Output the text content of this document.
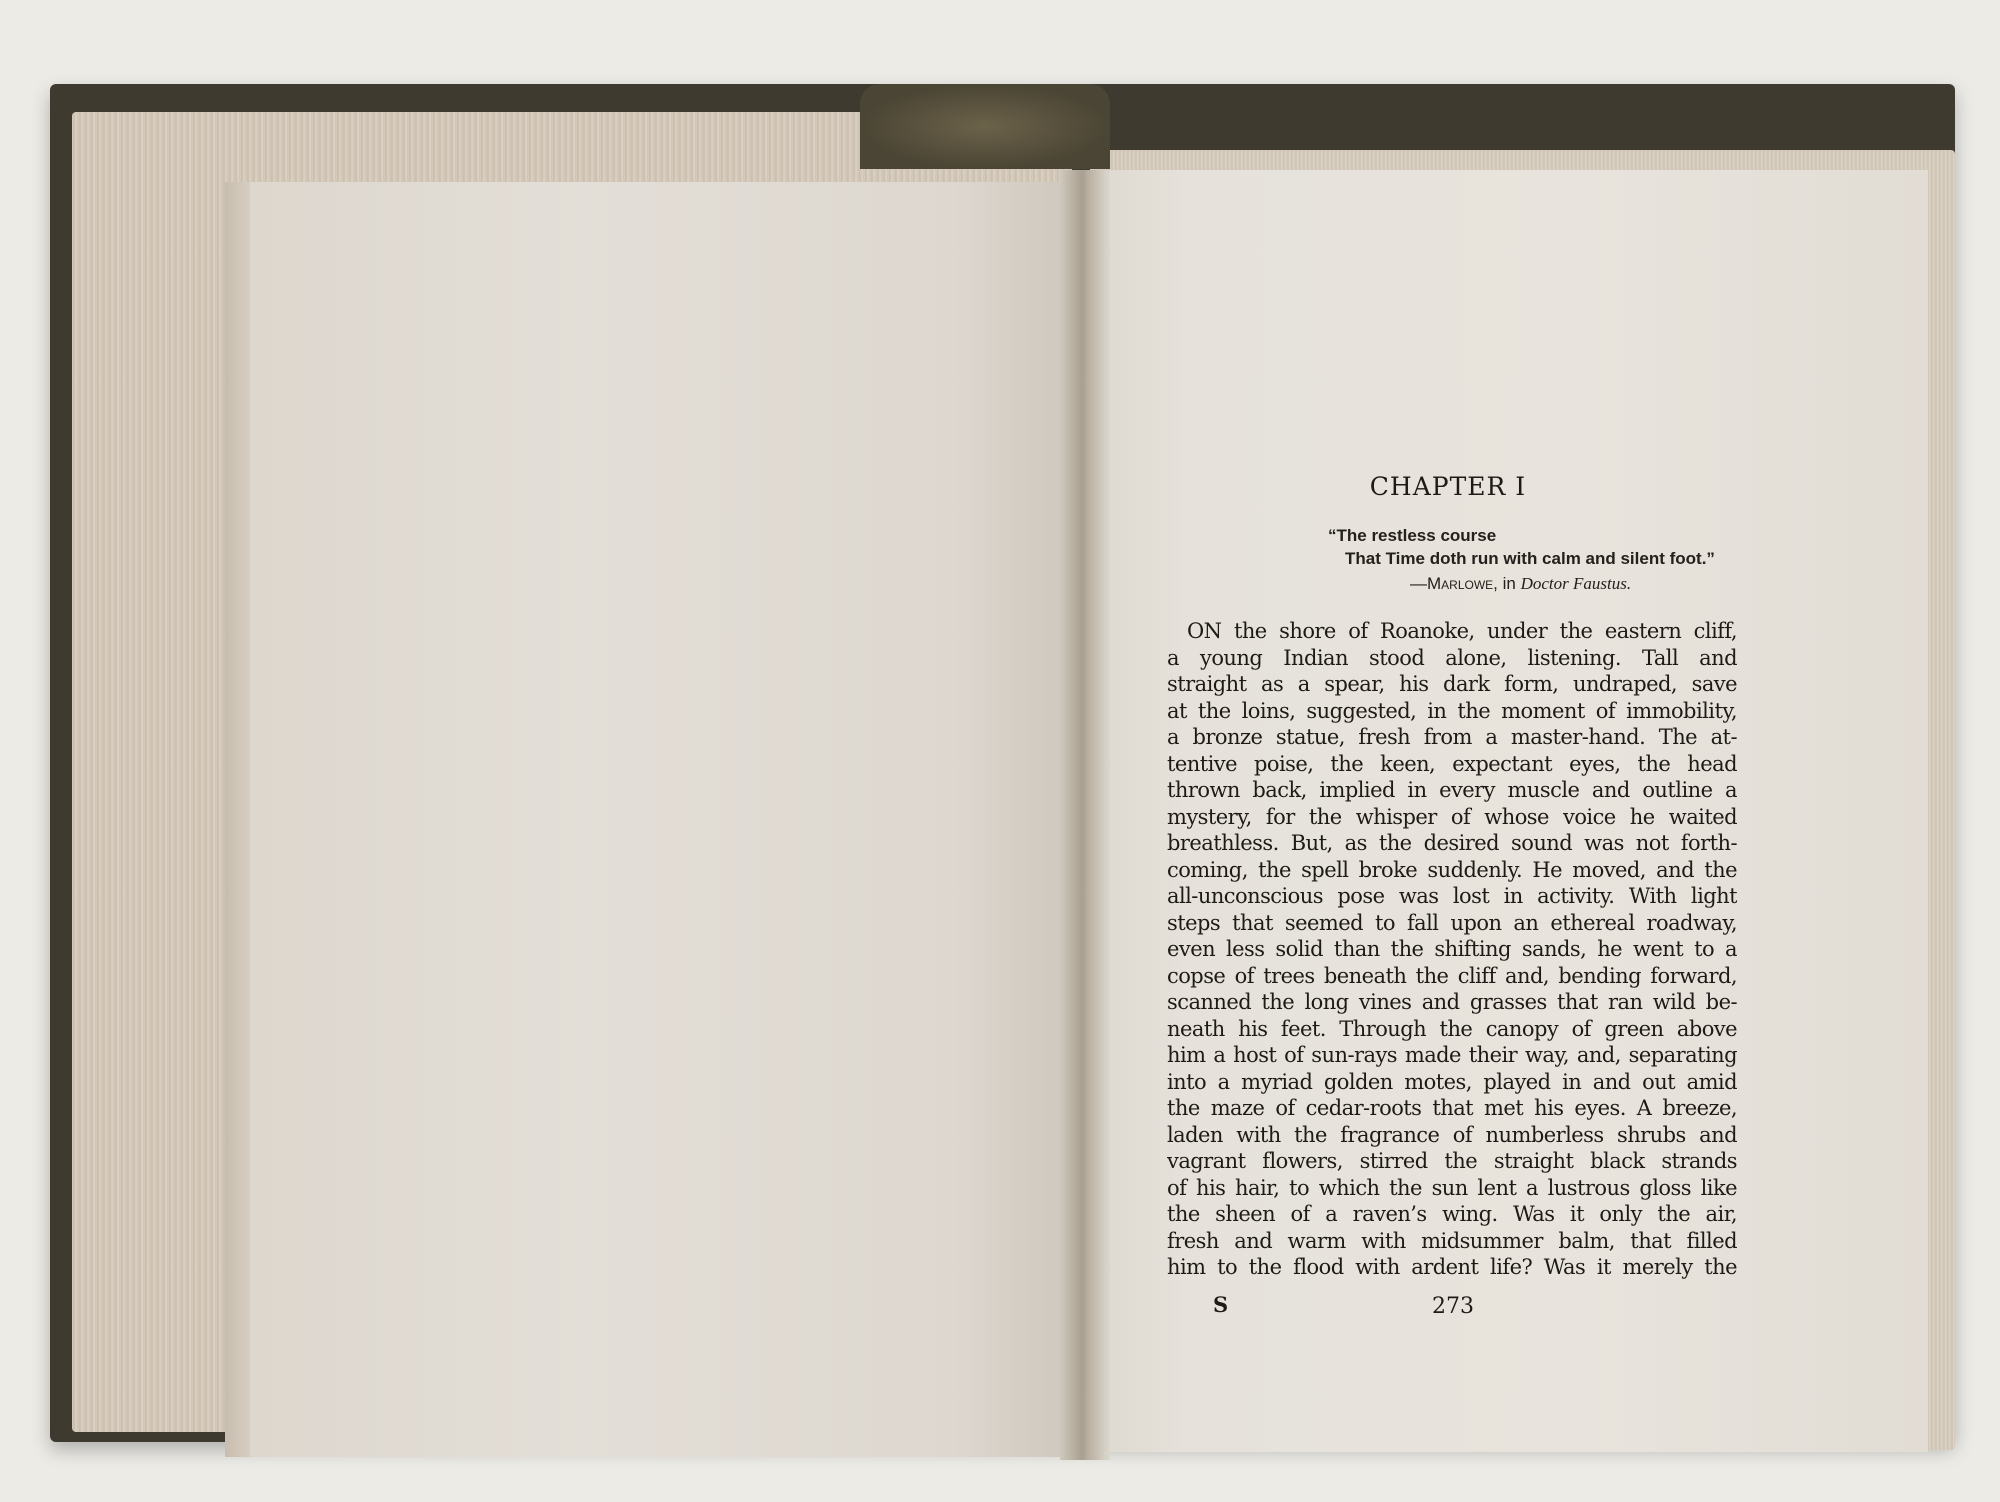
CHAPTER I
“The restless course
That Time doth run with calm and silent foot.”
—Marlowe, in Doctor Faustus.
ON the shore of Roanoke, under the eastern cliff,
a young Indian stood alone, listening. Tall and
straight as a spear, his dark form, undraped, save
at the loins, suggested, in the moment of immobility,
a bronze statue, fresh from a master-hand. The at-
tentive poise, the keen, expectant eyes, the head
thrown back, implied in every muscle and outline a
mystery, for the whisper of whose voice he waited
breathless. But, as the desired sound was not forth-
coming, the spell broke suddenly. He moved, and the
all-unconscious pose was lost in activity. With light
steps that seemed to fall upon an ethereal roadway,
even less solid than the shifting sands, he went to a
copse of trees beneath the cliff and, bending forward,
scanned the long vines and grasses that ran wild be-
neath his feet. Through the canopy of green above
him a host of sun-rays made their way, and, separating
into a myriad golden motes, played in and out amid
the maze of cedar-roots that met his eyes. A breeze,
laden with the fragrance of numberless shrubs and
vagrant flowers, stirred the straight black strands
of his hair, to which the sun lent a lustrous gloss like
the sheen of a raven’s wing. Was it only the air,
fresh and warm with midsummer balm, that filled
him to the flood with ardent life? Was it merely the
S	273
